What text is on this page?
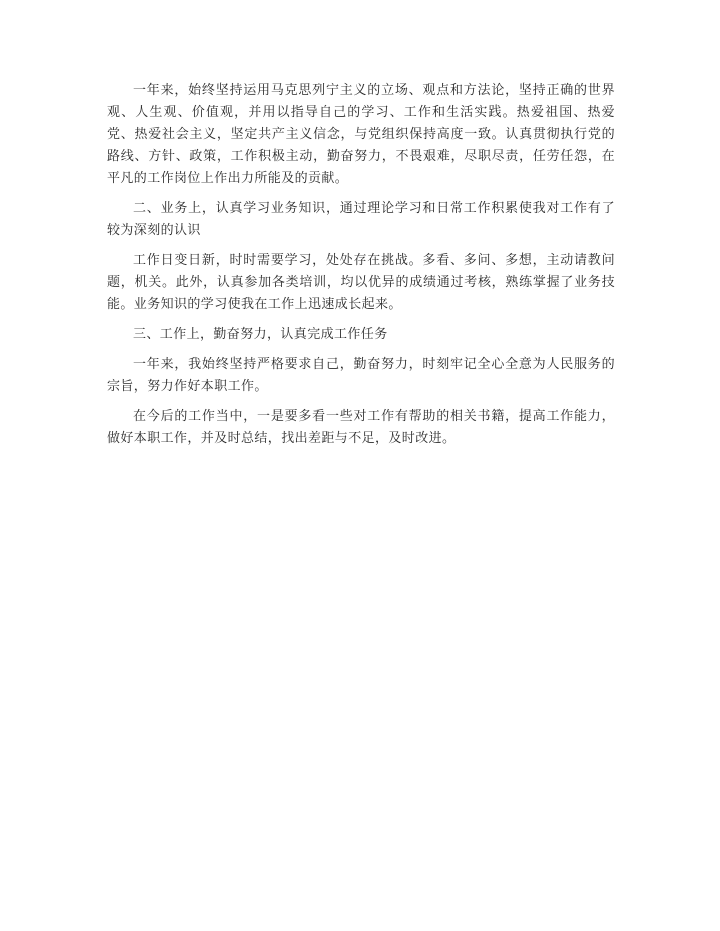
一年来，始终坚持运用马克思列宁主义的立场、观点和方法论，坚持正确的世界观、人生观、价值观，并用以指导自己的学习、工作和生活实践。热爱祖国、热爱党、热爱社会主义，坚定共产主义信念，与党组织保持高度一致。认真贯彻执行党的路线、方针、政策，工作积极主动，勤奋努力，不畏艰难，尽职尽责，任劳任怨，在平凡的工作岗位上作出力所能及的贡献。

二、业务上，认真学习业务知识，通过理论学习和日常工作积累使我对工作有了较为深刻的认识

工作日变日新，时时需要学习，处处存在挑战。多看、多问、多想，主动请教问题，机关。此外，认真参加各类培训，均以优异的成绩通过考核，熟练掌握了业务技能。业务知识的学习使我在工作上迅速成长起来。

三、工作上，勤奋努力，认真完成工作任务

一年来，我始终坚持严格要求自己，勤奋努力，时刻牢记全心全意为人民服务的宗旨，努力作好本职工作。

在今后的工作当中，一是要多看一些对工作有帮助的相关书籍，提高工作能力，做好本职工作，并及时总结，找出差距与不足，及时改进。
